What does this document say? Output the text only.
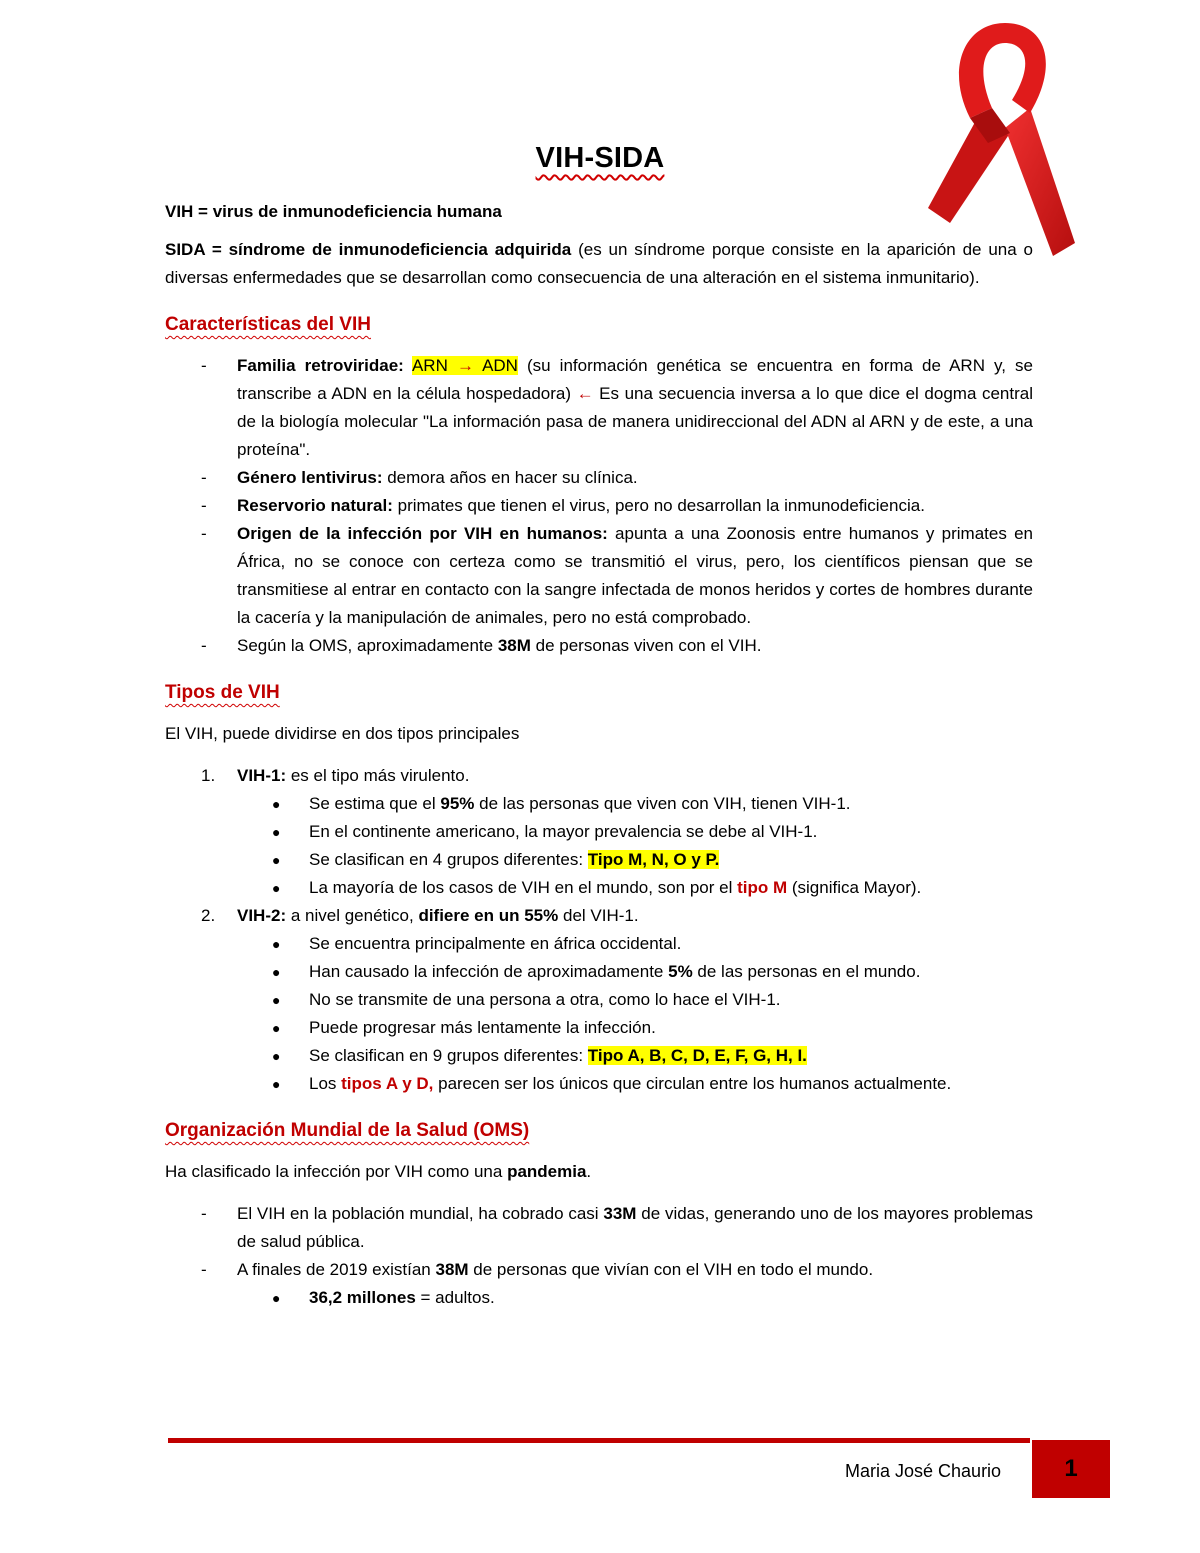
VIH-SIDA

VIH = virus de inmunodeficiencia humana

SIDA = síndrome de inmunodeficiencia adquirida (es un síndrome porque consiste en la aparición de una o diversas enfermedades que se desarrollan como consecuencia de una alteración en el sistema inmunitario).

Características del VIH
- Familia retroviridae: ARN → ADN (su información genética se encuentra en forma de ARN y, se transcribe a ADN en la célula hospedadora) ← Es una secuencia inversa a lo que dice el dogma central de la biología molecular "La información pasa de manera unidireccional del ADN al ARN y de este, a una proteína".
- Género lentivirus: demora años en hacer su clínica.
- Reservorio natural: primates que tienen el virus, pero no desarrollan la inmunodeficiencia.
- Origen de la infección por VIH en humanos: apunta a una Zoonosis entre humanos y primates en África, no se conoce con certeza como se transmitió el virus, pero, los científicos piensan que se transmitiese al entrar en contacto con la sangre infectada de monos heridos y cortes de hombres durante la cacería y la manipulación de animales, pero no está comprobado.
- Según la OMS, aproximadamente 38M de personas viven con el VIH.
Tipos de VIH

El VIH, puede dividirse en dos tipos principales

1. VIH-1: es el tipo más virulento.
● Se estima que el 95% de las personas que viven con VIH, tienen VIH-1.
● En el continente americano, la mayor prevalencia se debe al VIH-1.
● Se clasifican en 4 grupos diferentes: Tipo M, N, O y P.
● La mayoría de los casos de VIH en el mundo, son por el tipo M (significa Mayor).
2. VIH-2: a nivel genético, difiere en un 55% del VIH-1.
● Se encuentra principalmente en áfrica occidental.
● Han causado la infección de aproximadamente 5% de las personas en el mundo.
● No se transmite de una persona a otra, como lo hace el VIH-1.
● Puede progresar más lentamente la infección.
● Se clasifican en 9 grupos diferentes: Tipo A, B, C, D, E, F, G, H, I.
● Los tipos A y D, parecen ser los únicos que circulan entre los humanos actualmente.
Organización Mundial de la Salud (OMS)

Ha clasificado la infección por VIH como una pandemia.

- El VIH en la población mundial, ha cobrado casi 33M de vidas, generando uno de los mayores problemas de salud pública.
- A finales de 2019 existían 38M de personas que vivían con el VIH en todo el mundo.
● 36,2 millones = adultos.
Maria José Chaurio	1
